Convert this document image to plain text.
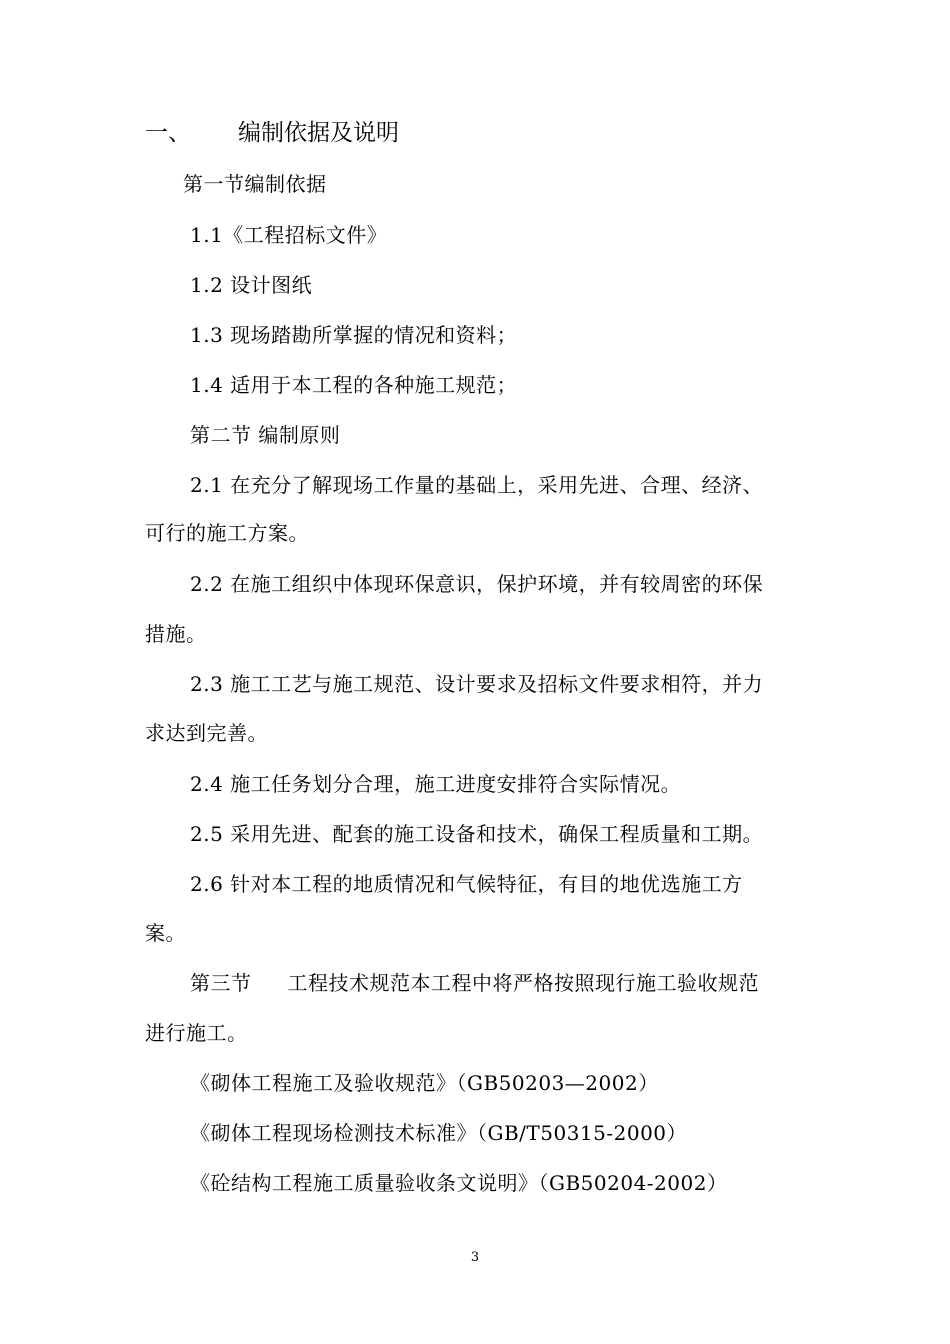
一、 编制依据及说明
第一节编制依据
1.1《工程招标文件》
1.2 设计图纸
1.3 现场踏勘所掌握的情况和资料；
1.4 适用于本工程的各种施工规范；
第二节 编制原则
2.1 在充分了解现场工作量的基础上，采用先进、合理、经济、
可行的施工方案。
2.2 在施工组织中体现环保意识，保护环境，并有较周密的环保
措施。
2.3 施工工艺与施工规范、设计要求及招标文件要求相符，并力
求达到完善。
2.4 施工任务划分合理，施工进度安排符合实际情况。
2.5 采用先进、配套的施工设备和技术，确保工程质量和工期。
2.6 针对本工程的地质情况和气候特征，有目的地优选施工方
案。
第三节 工程技术规范本工程中将严格按照现行施工验收规范
进行施工。
《砌体工程施工及验收规范》（GB50203—2002）
《砌体工程现场检测技术标准》（GB/T50315-2000）
《砼结构工程施工质量验收条文说明》（GB50204-2002）
3
